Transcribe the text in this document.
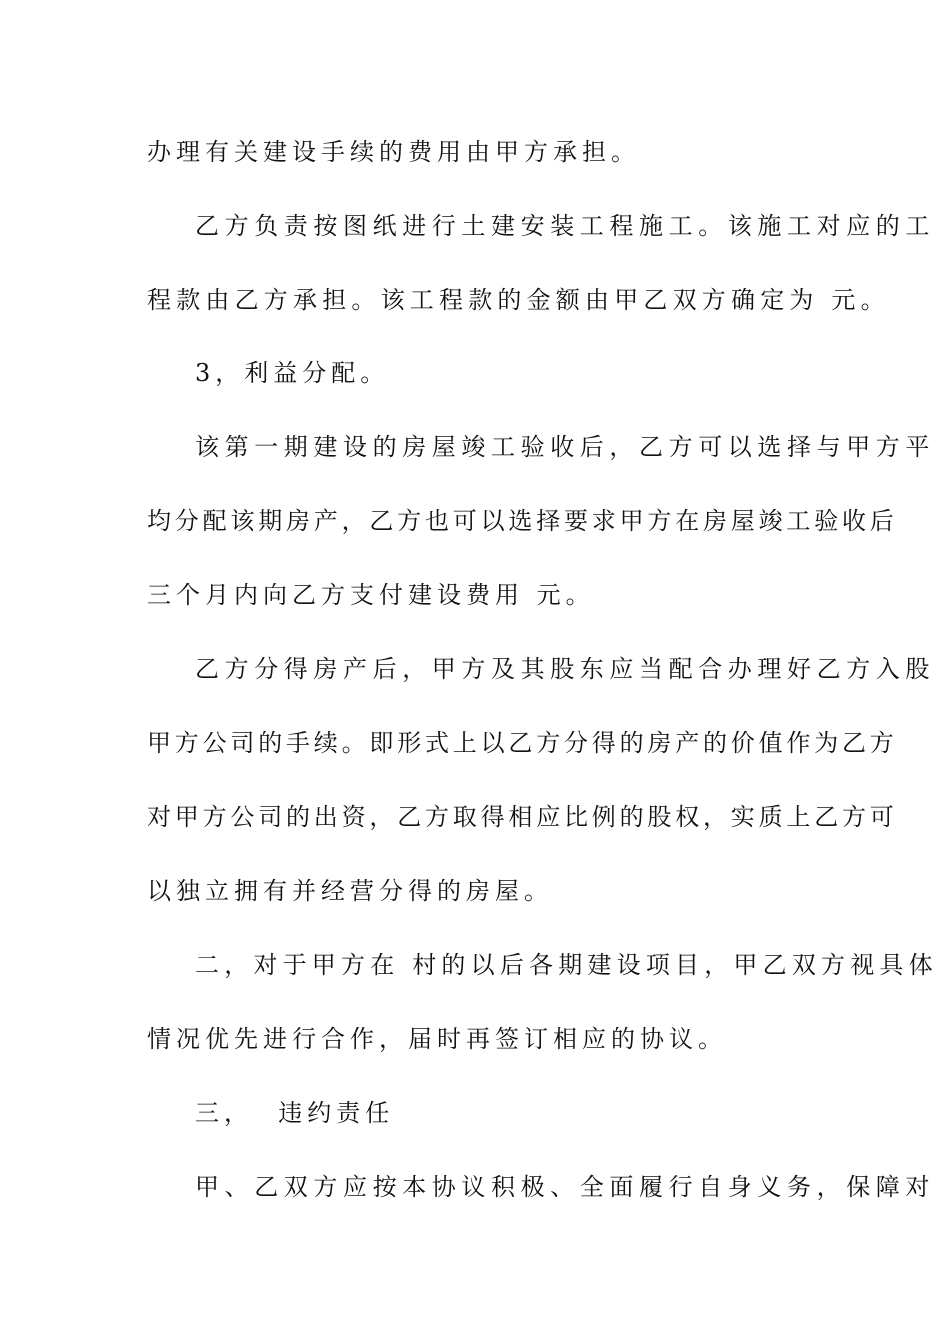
办理有关建设手续的费用由甲方承担。
乙方负责按图纸进行土建安装工程施工。该施工对应的工
程款由乙方承担。该工程款的金额由甲乙双方确定为 元。
3，利益分配。
该第一期建设的房屋竣工验收后，乙方可以选择与甲方平
均分配该期房产，乙方也可以选择要求甲方在房屋竣工验收后
三个月内向乙方支付建设费用 元。
乙方分得房产后，甲方及其股东应当配合办理好乙方入股
甲方公司的手续。即形式上以乙方分得的房产的价值作为乙方
对甲方公司的出资，乙方取得相应比例的股权，实质上乙方可
以独立拥有并经营分得的房屋。
二，对于甲方在 村的以后各期建设项目，甲乙双方视具体
情况优先进行合作，届时再签订相应的协议。
三，  违约责任
甲、乙双方应按本协议积极、全面履行自身义务，保障对
